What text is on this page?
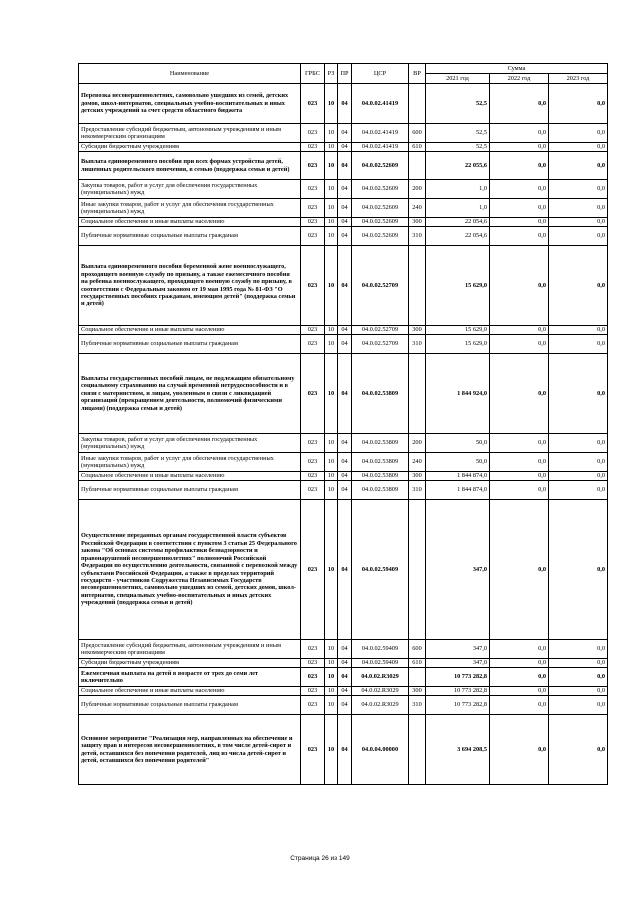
Наименование	ГРБС	РЗ	ПР	ЦСР	ВР	Сумма		
						2021 год	2022 год	2023 год
Перевозка несовершеннолетних, самовольно ушедших из семей, детских домов, школ-интернатов, специальных учебно-воспитательных и иных детских учреждений за счет средств областного бюджета	023	10	04	04.0.02.41419		52,5	0,0	0,0
Предоставление субсидий бюджетным, автономным учреждениям и иным некоммерческим организациям	023	10	04	04.0.02.41419	600	52,5	0,0	0,0
Субсидии бюджетным учреждениям	023	10	04	04.0.02.41419	610	52,5	0,0	0,0
Выплата единовременного пособия при всех формах устройства детей, лишенных родительского попечения, в семью (поддержка семьи и детей)	023	10	04	04.0.02.52609		22 055,6	0,0	0,0
Закупка товаров, работ и услуг для обеспечения государственных (муниципальных) нужд	023	10	04	04.0.02.52609	200	1,0	0,0	0,0
Иные закупки товаров, работ и услуг для обеспечения государственных (муниципальных) нужд	023	10	04	04.0.02.52609	240	1,0	0,0	0,0
Социальное обеспечение и иные выплаты населению	023	10	04	04.0.02.52609	300	22 054,6	0,0	0,0
Публичные нормативные социальные выплаты гражданам	023	10	04	04.0.02.52609	310	22 054,6	0,0	0,0
Выплата единовременного пособия беременной жене военнослужащего, проходящего военную службу по призыву, а также ежемесячного пособия на ребенка военнослужащего, проходящего военную службу по призыву, в соответствии с Федеральным законом от 19 мая 1995 года № 81-ФЗ "О государственных пособиях гражданам, имеющим детей" (поддержка семьи и детей)	023	10	04	04.0.02.52709		15 629,0	0,0	0,0
Социальное обеспечение и иные выплаты населению	023	10	04	04.0.02.52709	300	15 629,0	0,0	0,0
Публичные нормативные социальные выплаты гражданам	023	10	04	04.0.02.52709	310	15 629,0	0,0	0,0
Выплаты государственных пособий лицам, не подлежащим обязательному социальному страхованию на случай временной нетрудоспособности и в связи с материнством, и лицам, уволенным в связи с ликвидацией организаций (прекращением деятельности, полномочий физическими лицами) (поддержка семьи и детей)	023	10	04	04.0.02.53809		1 844 924,0	0,0	0,0
Закупка товаров, работ и услуг для обеспечения государственных (муниципальных) нужд	023	10	04	04.0.02.53809	200	50,0	0,0	0,0
Иные закупки товаров, работ и услуг для обеспечения государственных (муниципальных) нужд	023	10	04	04.0.02.53809	240	50,0	0,0	0,0
Социальное обеспечение и иные выплаты населению	023	10	04	04.0.02.53809	300	1 844 874,0	0,0	0,0
Публичные нормативные социальные выплаты гражданам	023	10	04	04.0.02.53809	310	1 844 874,0	0,0	0,0
Осуществление переданных органам государственной власти субъектов Российской Федерации в соответствии с пунктом 3 статьи 25 Федерального закона "Об основах системы профилактики безнадзорности и правонарушений несовершеннолетних" полномочий Российской Федерации по осуществлению деятельности, связанной с перевозкой между субъектами Российской Федерации, а также в пределах территорий государств - участников Содружества Независимых Государств несовершеннолетних, самовольно ушедших из семей, детских домов, школ-интернатов, специальных учебно-воспитательных и иных детских учреждений (поддержка семьи и детей)	023	10	04	04.0.02.59409		347,0	0,0	0,0
Предоставление субсидий бюджетным, автономным учреждениям и иным некоммерческим организациям	023	10	04	04.0.02.59409	600	347,0	0,0	0,0
Субсидии бюджетным учреждениям	023	10	04	04.0.02.59409	610	347,0	0,0	0,0
Ежемесячная выплата на детей в возрасте от трех до семи лет включительно	023	10	04	04.0.02.R3029		10 773 282,8	0,0	0,0
Социальное обеспечение и иные выплаты населению	023	10	04	04.0.02.R3029	300	10 773 282,8	0,0	0,0
Публичные нормативные социальные выплаты гражданам	023	10	04	04.0.02.R3029	310	10 773 282,8	0,0	0,0
Основное мероприятие "Реализация мер, направленных на обеспечение и защиту прав и интересов несовершеннолетних, в том числе детей-сирот и детей, оставшихся без попечения родителей, лиц из числа детей-сирот и детей, оставшихся без попечения родителей"	023	10	04	04.0.04.00000		3 694 208,5	0,0	0,0
Страница 26 из 149
